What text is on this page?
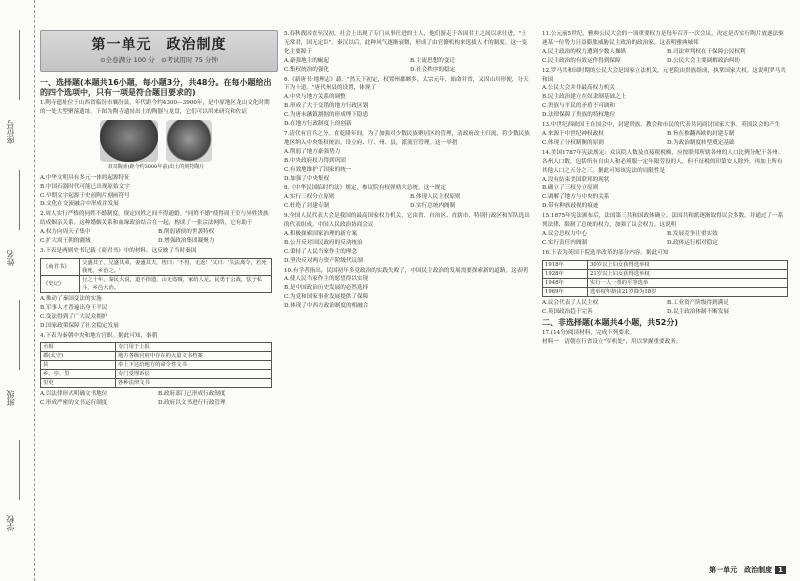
座位号
姓名
班级
学校
第一单元　政治制度
⊙全卷满分 100 分　⊙考试用时 75 分钟
一、选择题(本题共16小题，每小题3分，共48分。在每小题给出的四个选项中，只有一项是符合题目要求的)
1.陶寺遗址位于山西省临汾市襄汾县，年代距今约4300—3900年，是中原地区龙山文化时期的一处大型聚落遗址。下图为陶寺遗址出土的陶器与龙盘，它们可以用来研究和佐证
双耳陶壶(距今约3000年前)出土的刻符陶片
A.中华文明具有多元一体的起源特征
B.中国石器时代可能已出现原始文字
C.早期文字起源于史前陶片刻画符号
D.文化在交流融合中形成并发展
2.周人实行严格的同姓不婚制度，规定同姓之间不得通婚。"同姓不婚"使得周王室与异姓贵族结成姻亲关系。这种婚姻关系和血缘政治结合在一起，构成了一张宗法网络，它有助于
A.权力向周天子集中	B.削弱诸侯的世袭特权
C.扩大周王朝的疆域	D.增强政治集团凝聚力
3.下表是两则史书记载《商君书》中的材料。这反映了当时秦国
《商君书》	父盛其子，兄盛其弟，妻盛其夫，皆曰：'不得，无返！'又曰：'失法离令，若死我死，乡治之。'
《史记》	行之十年，秦民大说，道不拾遗，山无盗贼，家给人足。民勇于公战，怯于私斗，乡邑大治。
A.推动了秦国变法的实施
B.军事人才普遍出身于平民
C.变法得到了广大民众拥护
D.国家政策保障了社会稳定发展
4.下表为秦朝中央和地方官职。据此可知，秦朝
丞相	专门用于上报
郡(太守)	地方各级官府中存在的大量文书档案
县	奉上下达给地方的命令性文书
乡、亭、里	专门受理诉讼
里吏	各种法律文书
A.以法律形式明确文书地位	B.政府部门已形成行政制度
C.形成严密的文书运行制度	D.政府以文书进行行政管理
5.春秋战国直至汉初，社会上出现了专门从事仕进的士人，他们游走于各国君主之间以求仕进，"士无常君，国无定臣"。秦汉以后，此种风气逐渐衰微，形成了由官僚机构来选拔人才的制度。这一变化主要源于
A.豪强地主的崛起	B.主流思想的变迁
C.集权统治的强化	D.社会秩序的稳定
6.《新唐书·地理志》载："然天下初定，权置州郡颇多。太宗元年，始命并省，又因山川形便，分天下为十道。"唐代州县的设置，体现了
A.中央与地方关系的调整
B.形成了大于交错的地方行政区划
C.为唐末藩镇割据的形成埋下隐患
D.在地方行政制度上的创新
7.清代有官兵之分。在乾隆年间，为了加强对少数民族聚居区的管理，清政府改土归流，将少数民族地区纳入中央集权统治，设立府、厅、州、县，派流官管理。这一举措
A.削弱了地方豪强势力
B.中央政府权力得到巩固
C.有效地维护了国家的统一
D.加强了中央集权
8.《中华民国临时约法》规定，参议院有权弹劾大总统。这一规定
A.实行三权分立原则	B.体现人民主权原则
C.杜绝了封建专制	D.实行总统内阁制
9.全国人民代表大会是我国的最高国家权力机关，它由省、自治区、直辖市、特别行政区和军队选出的代表组成。中国人民政治协商会议
A.积极探索国家治理的新方案
B.公开反对国民政府的反动统治
C.秉持了人民当家作主的理念
D.坚决反对两方资产阶级代议制
10.有学者指出，民国初年多党政治的实践失败了，中国民主政治的发展需要探索新的道路。这表明
A.使人民当家作主的愿望得以实现
B.是中国政治历史发展的必然选择
C.为党和国家事业发展提供了保障
D.体现了中西方政治制度的相融合
11.公元前5世纪，雅典公民大会的一项重要权力是每年召开一次会议，决定是否实行陶片放逐法驱逐某一位势力日益膨胀威胁民主政治的政治家。这表明雅典城邦
A.民主政治的权力遭到少数人操纵	B.司法审判权在于保障公民权利
C.民主政治的有效运作得到保障	D.公民大会主要调解政治纠纷
12.罗马共和国时期的公民大会是国家立法机关，元老院由贵族组成，执掌国家大权。这说明罗马共和国
A.公民大会并非最高权力机关
B.民主政治建立在奴隶制基础之上
C.贵族与平民的矛盾不可调和
D.法律保障了贵族的特权地位
13.中世纪西欧国王在国会中，封建贵族、教会和市民的代表共同商讨国家大事。英国议会的产生
A.来源于中世纪神权政权	B.旨在推翻西欧的封建专制
C.体现了分权制衡的原则	D.为政治制度转型奠定基础
14.美国1787年宪法规定：众议院人数及直接税税额，应按联邦所辖各州的人口比例分配于各州。各州人口数，包括所有自由人和必须服一定年限劳役的人，但不征税的印第安人除外，再加上所有其他人口之五分之三。据此可知该宪法的局限性是
A.没有结束美国联邦的现状
B.确立了三权分立原则
C.调解了地方与中央的关系
D.带有种族歧视的痕迹
15.1875年宪法颁布后，法国第三共和国政体确立。法国共和派逐渐取得议会多数，并通过了一系列法律，限制了总统的权力，加强了议会权力。这说明
A.议会总权力中心	B.发展竞争注重实效
C.实行责任内阁制	D.政体运行相对稳定
16.下表为英国下院选举改革的部分内容。据此可知
1918年	30岁以上妇女获得选举权
1928年	21岁以上妇女获得选举权
1948年	实行一人一票的平等选举
1969年	选举权年龄由21岁降为18岁
A.议会代表了人民主权	B.工业资产阶级得到满足
C.英国政治趋于完善	D.民主政治体制不断发展
二、非选择题(本题共4小题，共52分)
17.(14分)阅读材料，完成下列要求。
材料一　清朝在行省设立"军机处"，用以掌握重要政务。
第一单元　政治制度 1
